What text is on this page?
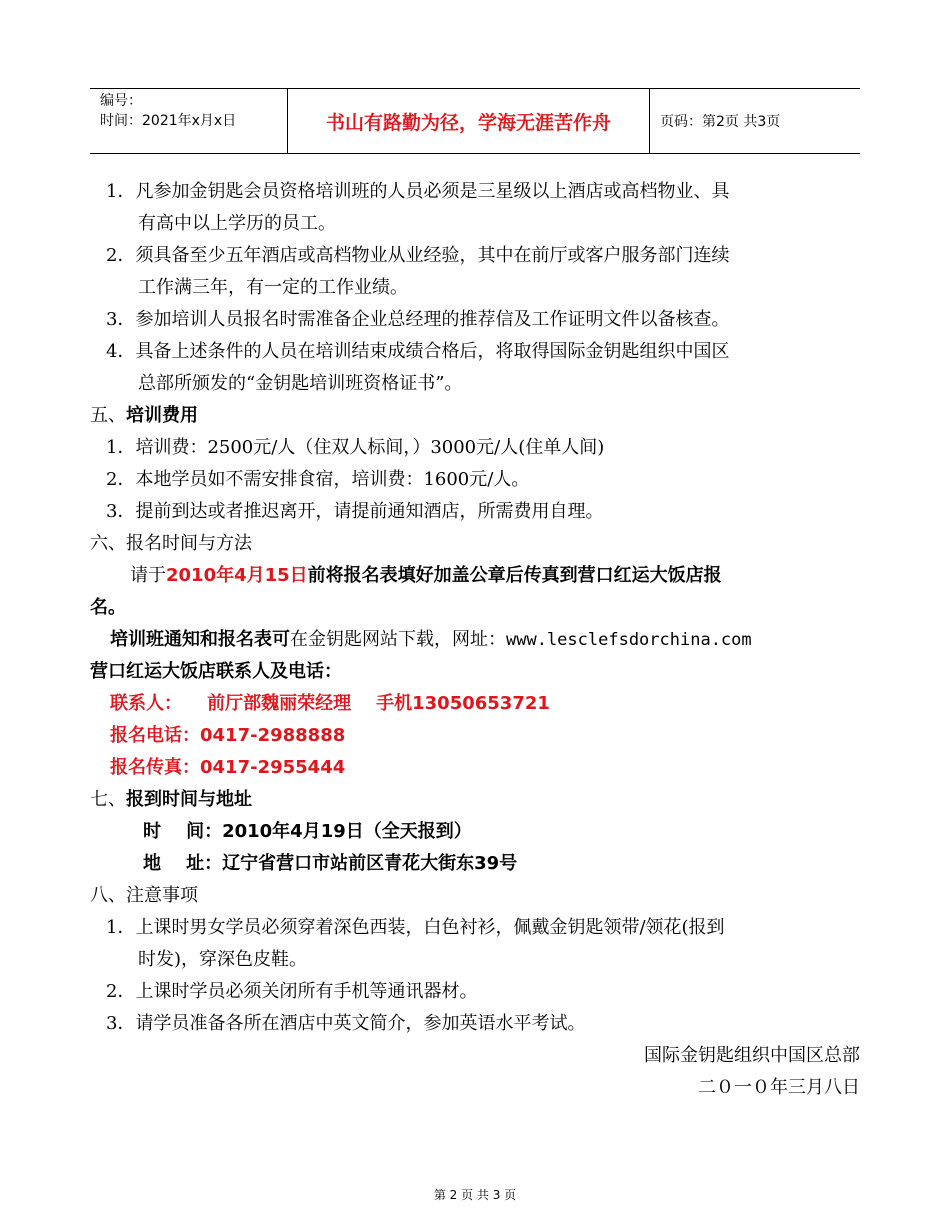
编号：
时间：2021年x月x日	书山有路勤为径，学海无涯苦作舟	页码：第2页 共3页
1．凡参加金钥匙会员资格培训班的人员必须是三星级以上酒店或高档物业、具
有高中以上学历的员工。
2．须具备至少五年酒店或高档物业从业经验，其中在前厅或客户服务部门连续
工作满三年，有一定的工作业绩。
3．参加培训人员报名时需准备企业总经理的推荐信及工作证明文件以备核查。
4．具备上述条件的人员在培训结束成绩合格后，将取得国际金钥匙组织中国区
总部所颁发的“金钥匙培训班资格证书”。
五、培训费用
1．培训费：2500元/人（住双人标间，）3000元/人(住单人间)
2．本地学员如不需安排食宿，培训费：1600元/人。
3．提前到达或者推迟离开，请提前通知酒店，所需费用自理。
六、报名时间与方法
请于2010年4月15日前将报名表填好加盖公章后传真到营口红运大饭店报
名。
培训班通知和报名表可在金钥匙网站下载，网址：www.lesclefsdorchina.com
营口红运大饭店联系人及电话：
联系人：    前厅部魏丽荣经理    手机13050653721
报名电话：0417-2988888
报名传真：0417-2955444
七、报到时间与地址
时    间：2010年4月19日（全天报到）
地    址：辽宁省营口市站前区青花大街东39号
八、注意事项
1．上课时男女学员必须穿着深色西装，白色衬衫，佩戴金钥匙领带/领花(报到
时发)，穿深色皮鞋。
2．上课时学员必须关闭所有手机等通讯器材。
3．请学员准备各所在酒店中英文简介，参加英语水平考试。
国际金钥匙组织中国区总部
二０一０年三月八日
第 2 页 共 3 页
